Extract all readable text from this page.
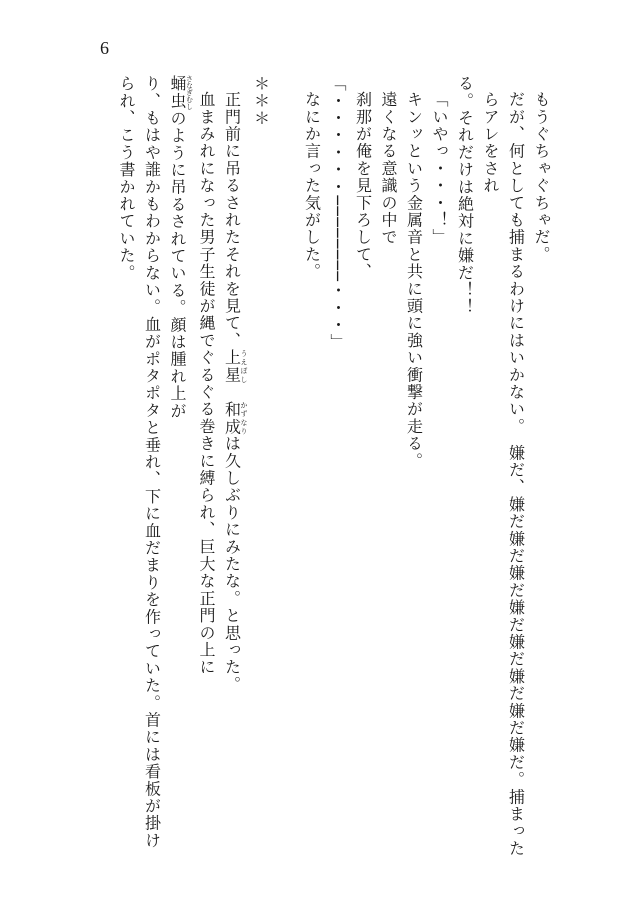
6

もうぐちゃぐちゃだ。

だが、何としても捕まるわけにはいかない。　嫌だ、嫌だ嫌だ嫌だ嫌だ嫌だ嫌だ嫌だ嫌だ。捕まったらアレをされ

る。それだけは絶対に嫌だ！！

「いやっ・・・！」

キンッという金属音と共に頭に強い衝撃が走る。

遠くなる意識の中で

刹那が俺を見下ろして、

「・・・・・・────────・・・」

なにか言った気がした。

＊＊＊

正門前に吊るされたそれを見て、上星うえぼし　和成かずなりは久しぶりにみたな。と思った。

血まみれになった男子生徒が縄でぐるぐる巻きに縛られ、巨大な正門の上に

蛹虫さなぎむしのように吊るされている。顔は腫れ上が

り、もはや誰かもわからない。血がポタポタと垂れ、下に血だまりを作っていた。首には看板が掛けられ、こう書かれていた。
